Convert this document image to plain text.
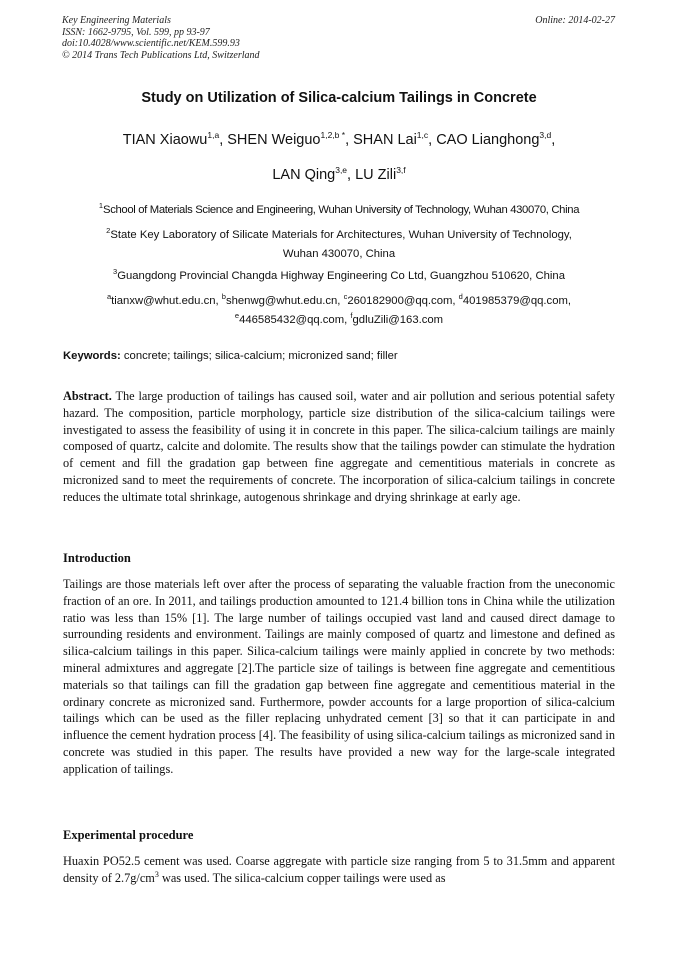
Key Engineering Materials
ISSN: 1662-9795, Vol. 599, pp 93-97
doi:10.4028/www.scientific.net/KEM.599.93
© 2014 Trans Tech Publications Ltd, Switzerland
Online: 2014-02-27
Study on Utilization of Silica-calcium Tailings in Concrete
TIAN Xiaowu$^{1,a}$, SHEN Weiguo$^{1,2,b *}$, SHAN Lai$^{1,c}$, CAO Lianghong$^{3,d}$,
LAN Qing$^{3,e}$, LU Zili$^{3,f}$
$^1$School of Materials Science and Engineering, Wuhan University of Technology, Wuhan 430070, China
$^2$State Key Laboratory of Silicate Materials for Architectures, Wuhan University of Technology,
Wuhan 430070, China
$^3$Guangdong Provincial Changda Highway Engineering Co Ltd, Guangzhou 510620, China
$^a$tianxw@whut.edu.cn, $^b$shenwg@whut.edu.cn, $^c$260182900@qq.com, $^d$401985379@qq.com,
$^e$446585432@qq.com, $^f$gdluZili@163.com
Keywords: concrete; tailings; silica-calcium; micronized sand; filler
Abstract. The large production of tailings has caused soil, water and air pollution and serious potential safety hazard. The composition, particle morphology, particle size distribution of the silica-calcium tailings were investigated to assess the feasibility of using it in concrete in this paper. The silica-calcium tailings are mainly composed of quartz, calcite and dolomite. The results show that the tailings powder can stimulate the hydration of cement and fill the gradation gap between fine aggregate and cementitious materials in concrete as micronized sand to meet the requirements of concrete. The incorporation of silica-calcium tailings in concrete reduces the ultimate total shrinkage, autogenous shrinkage and drying shrinkage at early age.
Introduction
Tailings are those materials left over after the process of separating the valuable fraction from the uneconomic fraction of an ore. In 2011, and tailings production amounted to 121.4 billion tons in China while the utilization ratio was less than 15% [1]. The large number of tailings occupied vast land and caused direct damage to surrounding residents and environment. Tailings are mainly composed of quartz and limestone and defined as silica-calcium tailings in this paper. Silica-calcium tailings were mainly applied in concrete by two methods: mineral admixtures and aggregate [2].The particle size of tailings is between fine aggregate and cementitious materials so that tailings can fill the gradation gap between fine aggregate and cementitious material in the ordinary concrete as micronized sand. Furthermore, powder accounts for a large proportion of silica-calcium tailings which can be used as the filler replacing unhydrated cement [3] so that it can participate in and influence the cement hydration process [4]. The feasibility of using silica-calcium tailings as micronized sand in concrete was studied in this paper. The results have provided a new way for the large-scale integrated application of tailings.
Experimental procedure
Huaxin PO52.5 cement was used. Coarse aggregate with particle size ranging from 5 to 31.5mm and apparent density of $2.7g/cm^3$ was used. The silica-calcium copper tailings were used as
